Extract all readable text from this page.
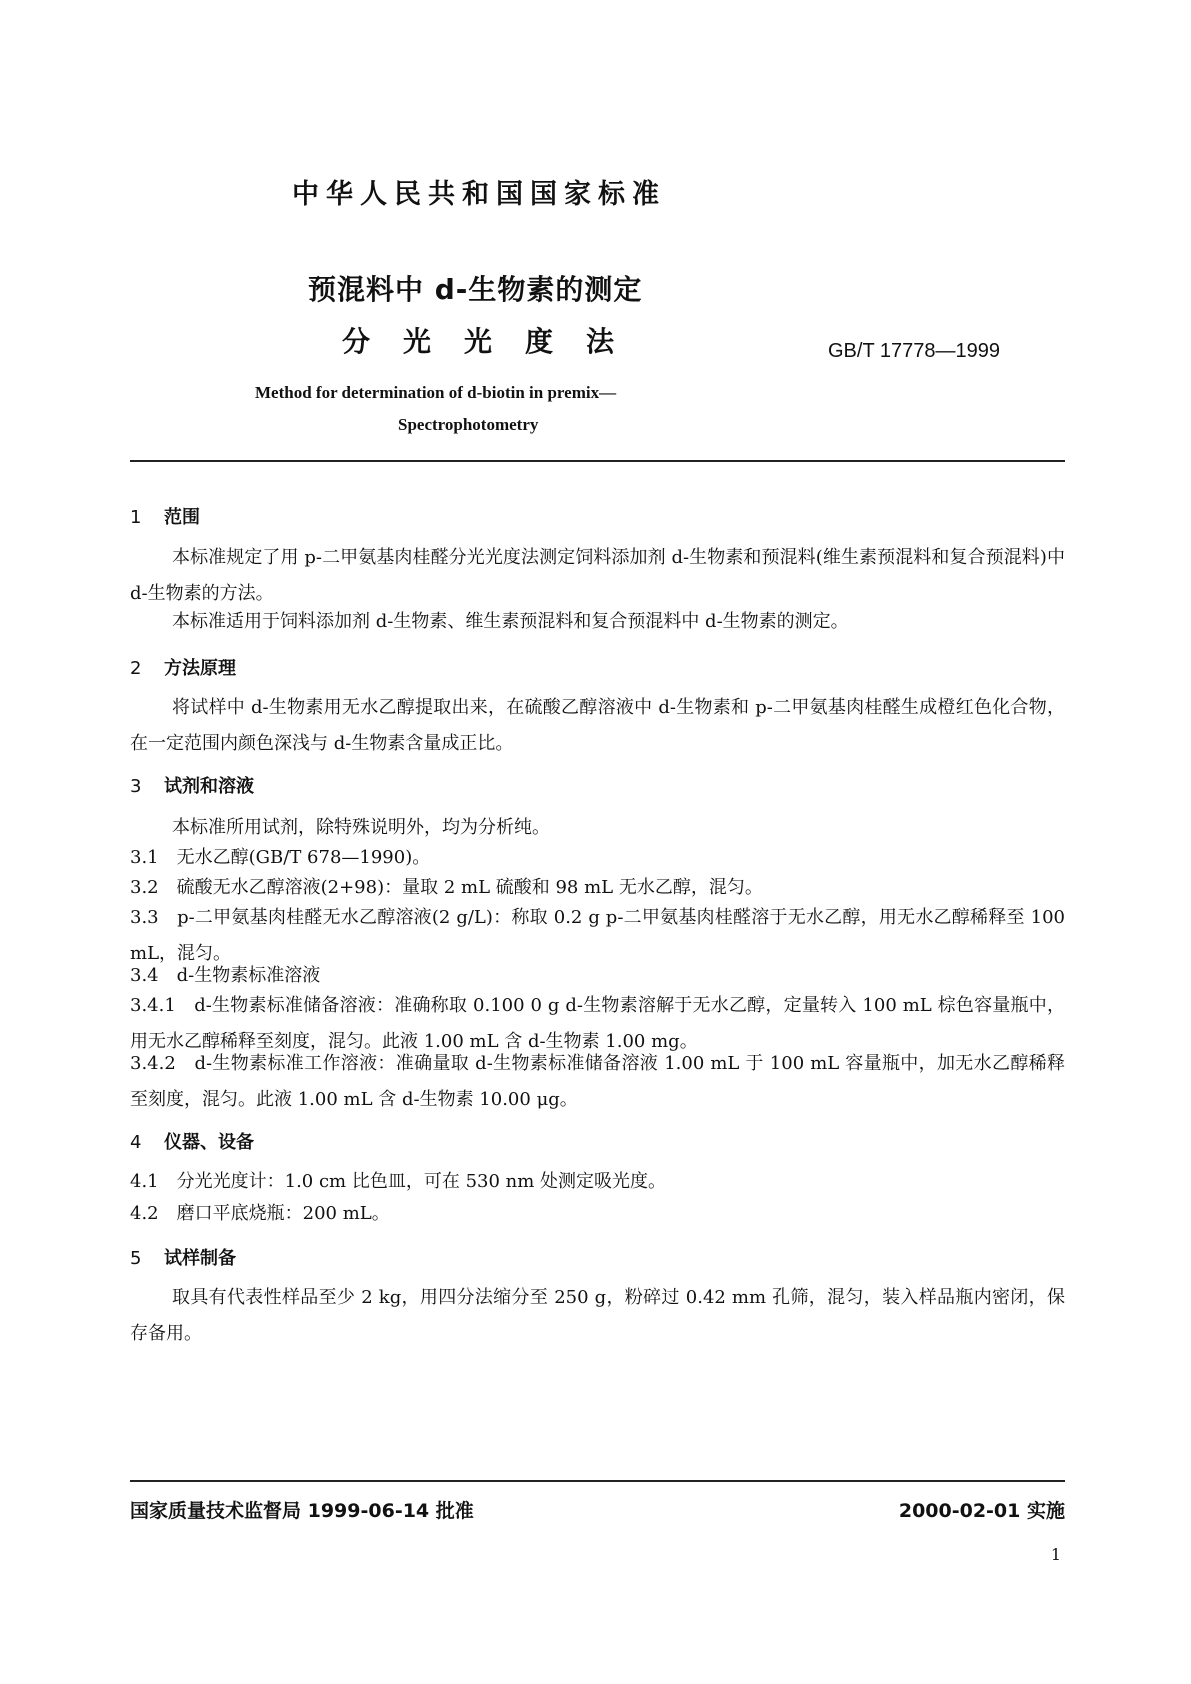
中华人民共和国国家标准
预混料中 d-生物素的测定
分光光度法	GB/T 17778—1999
Method for determination of d-biotin in premix—
Spectrophotometry
1 范围
本标准规定了用 p-二甲氨基肉桂醛分光光度法测定饲料添加剂 d-生物素和预混料(维生素预混料和复合预混料)中 d-生物素的方法。
本标准适用于饲料添加剂 d-生物素、维生素预混料和复合预混料中 d-生物素的测定。
2 方法原理
将试样中 d-生物素用无水乙醇提取出来，在硫酸乙醇溶液中 d-生物素和 p-二甲氨基肉桂醛生成橙红色化合物，在一定范围内颜色深浅与 d-生物素含量成正比。
3 试剂和溶液
本标准所用试剂，除特殊说明外，均为分析纯。
3.1　无水乙醇(GB/T 678—1990)。
3.2　硫酸无水乙醇溶液(2+98)：量取 2 mL 硫酸和 98 mL 无水乙醇，混匀。
3.3　p-二甲氨基肉桂醛无水乙醇溶液(2 g/L)：称取 0.2 g p-二甲氨基肉桂醛溶于无水乙醇，用无水乙醇稀释至 100 mL，混匀。
3.4　d-生物素标准溶液
3.4.1　d-生物素标准储备溶液：准确称取 0.100 0 g d-生物素溶解于无水乙醇，定量转入 100 mL 棕色容量瓶中，用无水乙醇稀释至刻度，混匀。此液 1.00 mL 含 d-生物素 1.00 mg。
3.4.2　d-生物素标准工作溶液：准确量取 d-生物素标准储备溶液 1.00 mL 于 100 mL 容量瓶中，加无水乙醇稀释至刻度，混匀。此液 1.00 mL 含 d-生物素 10.00 μg。
4 仪器、设备
4.1　分光光度计：1.0 cm 比色皿，可在 530 nm 处测定吸光度。
4.2　磨口平底烧瓶：200 mL。
5 试样制备
取具有代表性样品至少 2 kg，用四分法缩分至 250 g，粉碎过 0.42 mm 孔筛，混匀，装入样品瓶内密闭，保存备用。
国家质量技术监督局 1999-06-14 批准	2000-02-01 实施
1
